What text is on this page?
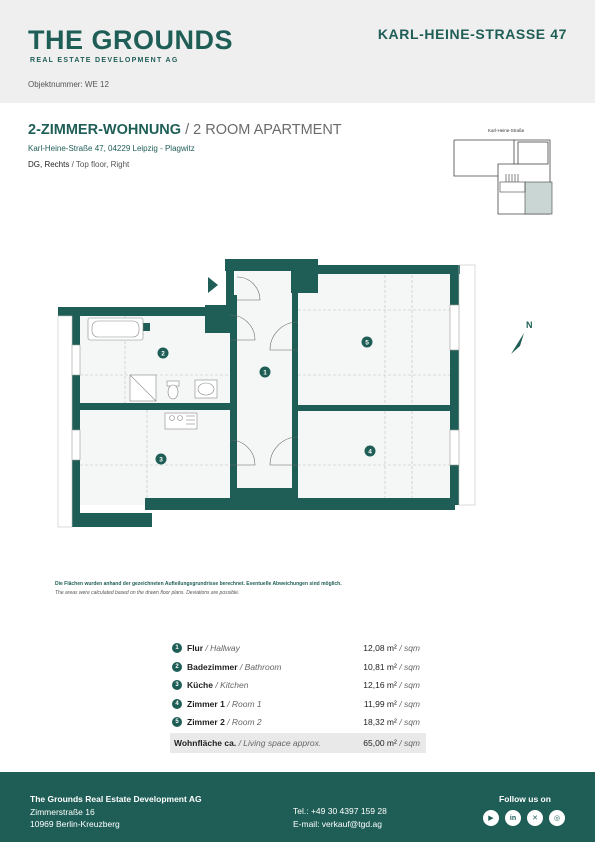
THE GROUNDS
REAL ESTATE DEVELOPMENT AG
KARL-HEINE-STRASSE 47
Objektnummer: WE 12
2-ZIMMER-WOHNUNG / 2 ROOM APARTMENT
Karl-Heine-Straße 47, 04229 Leipzig - Plagwitz
DG, Rechts / Top floor, Right
Karl-Heine-Straße
1
2
3
4
5
N
Die Flächen wurden anhand der gezeichneten Aufteilungsgrundrisse berechnet. Eventuelle Abweichungen sind möglich.
The areas were calculated based on the drawn floor plans. Deviations are possible.
1 Flur / Hallway	12,08 m² / sqm
2 Badezimmer / Bathroom	10,81 m² / sqm
3 Küche / Kitchen	12,16 m² / sqm
4 Zimmer 1 / Room 1	11,99 m² / sqm
5 Zimmer 2 / Room 2	18,32 m² / sqm
Wohnfläche ca. / Living space approx.	65,00 m² / sqm
The Grounds Real Estate Development AG
Zimmerstraße 16
10969 Berlin-Kreuzberg
Tel.: +49 30 4397 159 28
E-mail: verkauf@tgd.ag
Follow us on
▶	in	✕	◎
